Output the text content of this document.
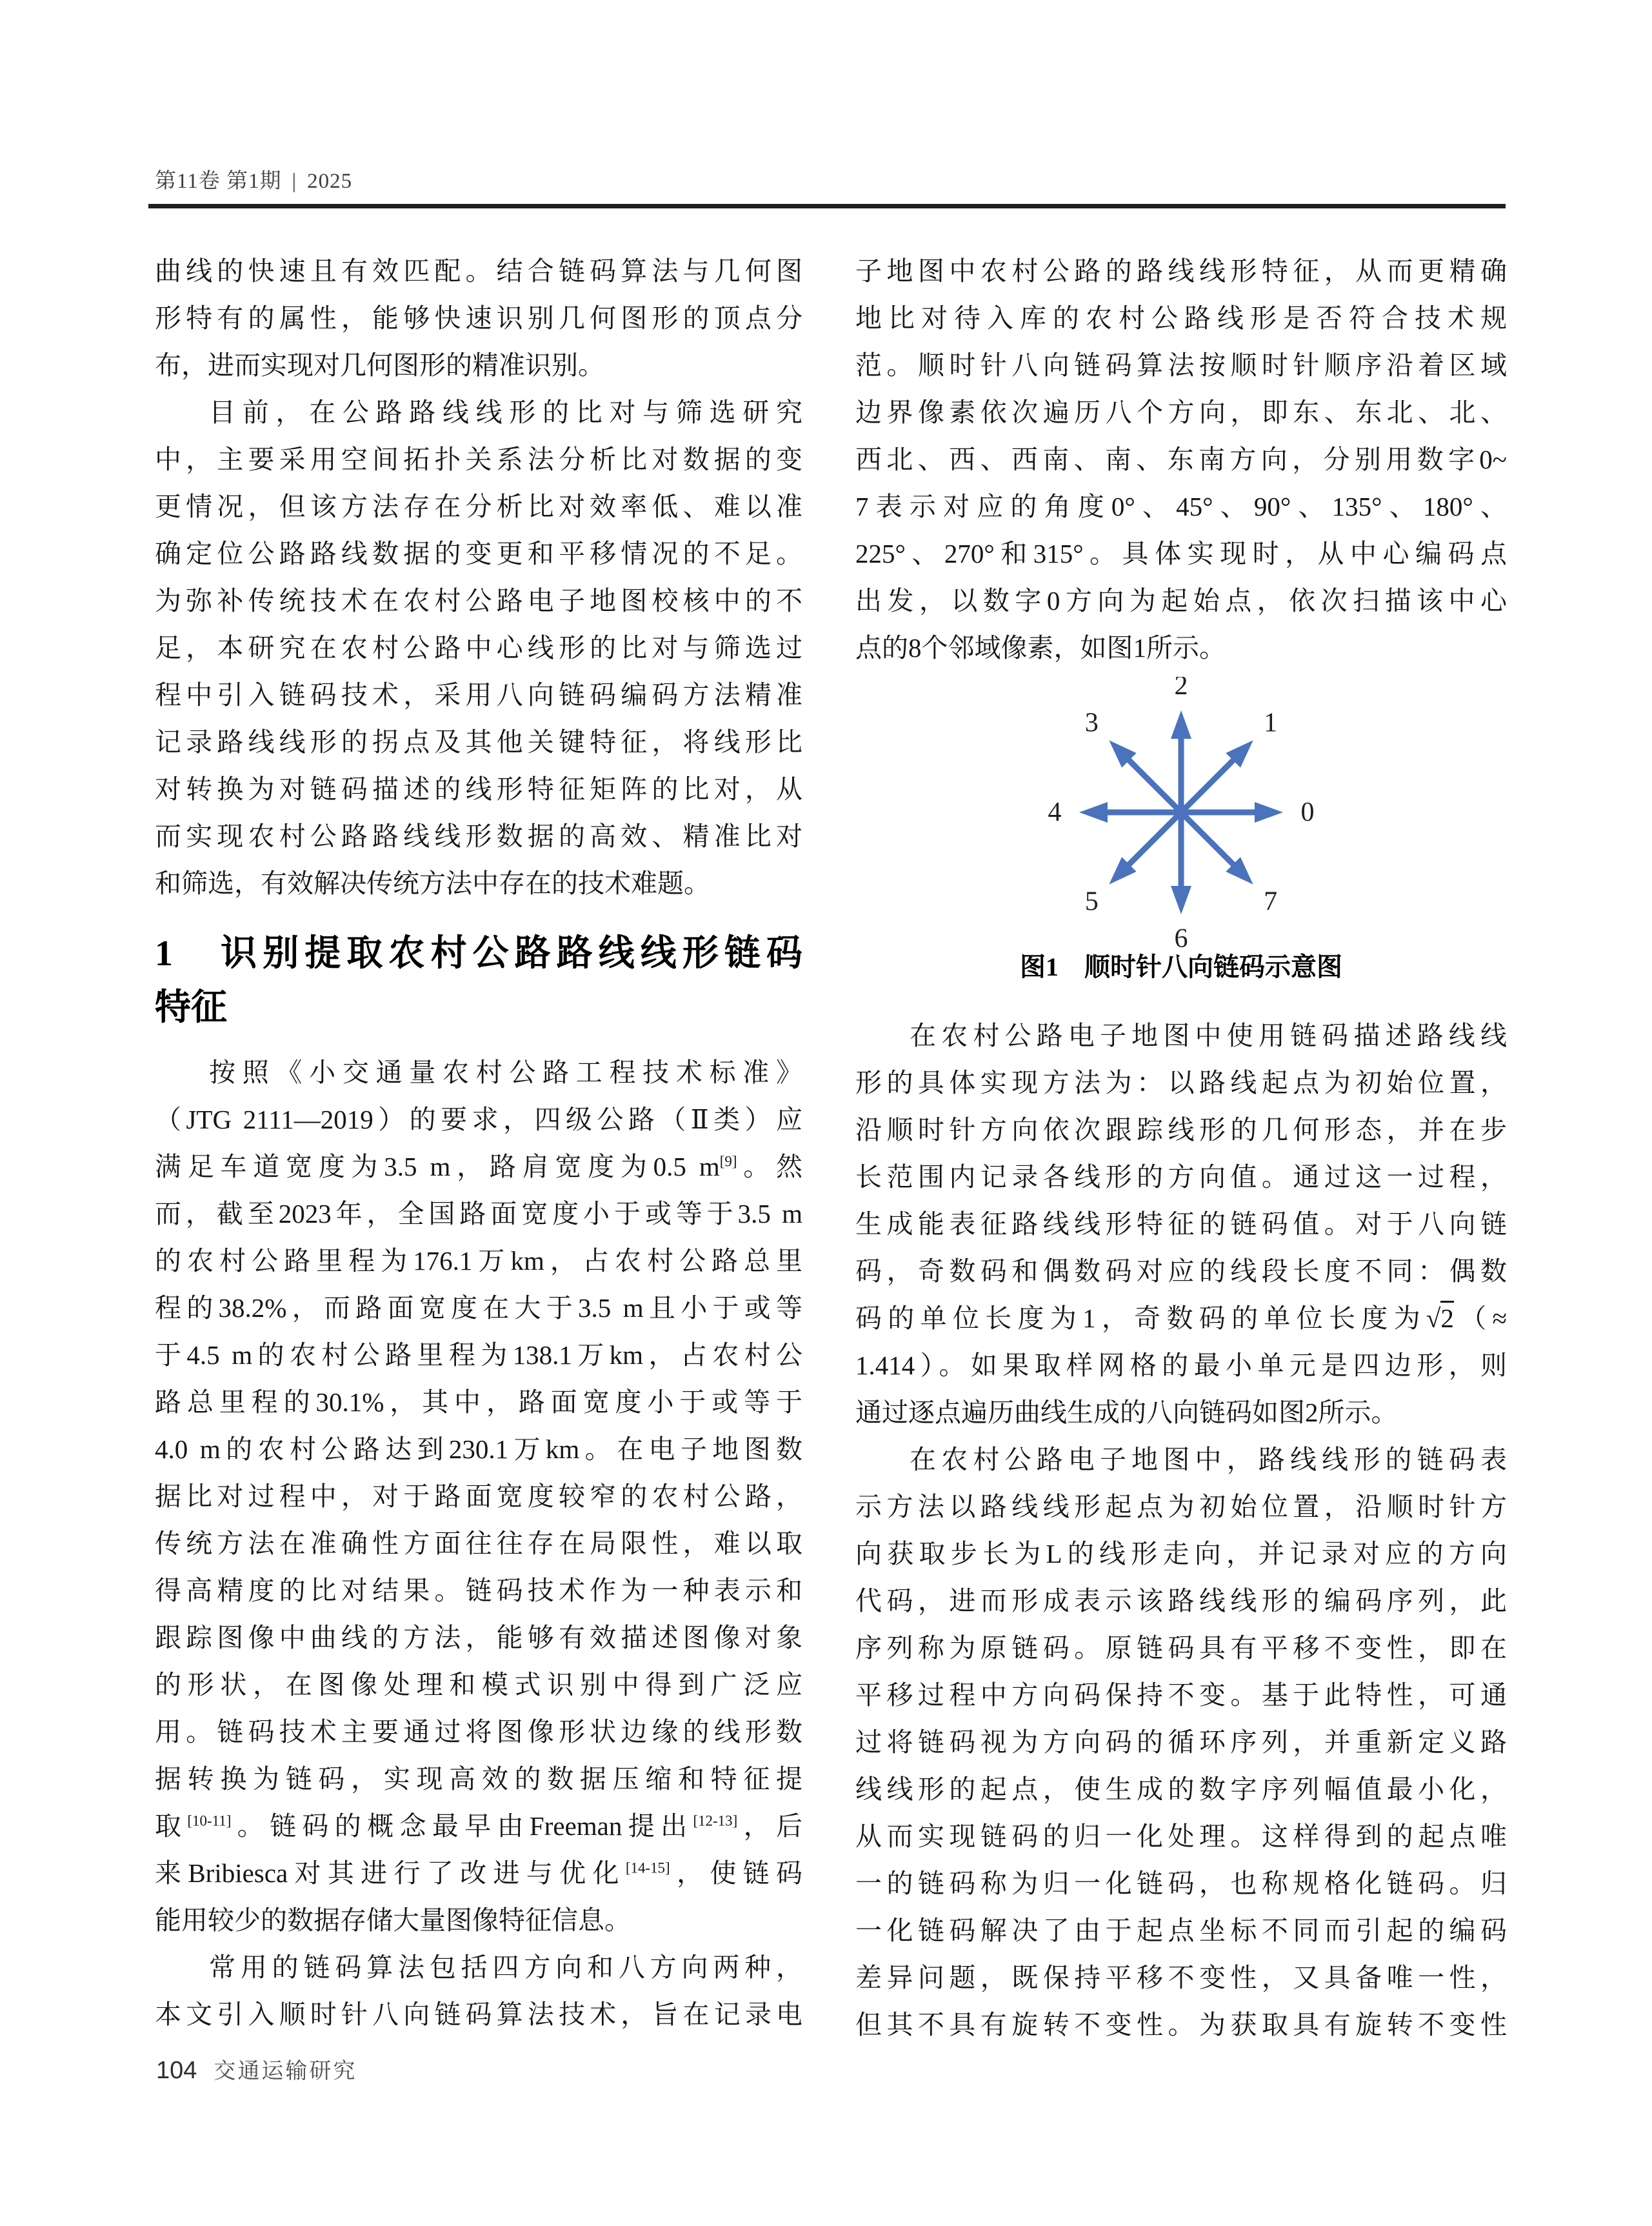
第11卷 第1期 | 2025
曲线的快速且有效匹配。结合链码算法与几何图
形特有的属性，能够快速识别几何图形的顶点分
布，进而实现对几何图形的精准识别。
目前，在公路路线线形的比对与筛选研究
中，主要采用空间拓扑关系法分析比对数据的变
更情况，但该方法存在分析比对效率低、难以准
确定位公路路线数据的变更和平移情况的不足。
为弥补传统技术在农村公路电子地图校核中的不
足，本研究在农村公路中心线形的比对与筛选过
程中引入链码技术，采用八向链码编码方法精准
记录路线线形的拐点及其他关键特征，将线形比
对转换为对链码描述的线形特征矩阵的比对，从
而实现农村公路路线线形数据的高效、精准比对
和筛选，有效解决传统方法中存在的技术难题。
1　识别提取农村公路路线线形链码
特征
按照《小交通量农村公路工程技术标准》
（JTG 2111—2019）的要求，四级公路（Ⅱ类）应
满足车道宽度为3.5 m，路肩宽度为0.5 m[9]。然
而，截至2023年，全国路面宽度小于或等于3.5 m
的农村公路里程为176.1万km，占农村公路总里
程的38.2%，而路面宽度在大于3.5 m且小于或等
于4.5 m的农村公路里程为138.1万km，占农村公
路总里程的30.1%，其中，路面宽度小于或等于
4.0 m的农村公路达到230.1万km。在电子地图数
据比对过程中，对于路面宽度较窄的农村公路，
传统方法在准确性方面往往存在局限性，难以取
得高精度的比对结果。链码技术作为一种表示和
跟踪图像中曲线的方法，能够有效描述图像对象
的形状，在图像处理和模式识别中得到广泛应
用。链码技术主要通过将图像形状边缘的线形数
据转换为链码，实现高效的数据压缩和特征提
取[10-11]。链码的概念最早由Freeman提出[12-13]，后
来Bribiesca对其进行了改进与优化[14-15]，使链码
能用较少的数据存储大量图像特征信息。
常用的链码算法包括四方向和八方向两种，
本文引入顺时针八向链码算法技术，旨在记录电
子地图中农村公路的路线线形特征，从而更精确
地比对待入库的农村公路线形是否符合技术规
范。顺时针八向链码算法按顺时针顺序沿着区域
边界像素依次遍历八个方向，即东、东北、北、
西北、西、西南、南、东南方向，分别用数字0~
7表示对应的角度0°、45°、90°、135°、180°、
225°、270°和315°。具体实现时，从中心编码点
出发，以数字0方向为起始点，依次扫描该中心
点的8个邻域像素，如图1所示。
0
1
2
3
4
5
6
7
图1　顺时针八向链码示意图
在农村公路电子地图中使用链码描述路线线
形的具体实现方法为：以路线起点为初始位置，
沿顺时针方向依次跟踪线形的几何形态，并在步
长范围内记录各线形的方向值。通过这一过程，
生成能表征路线线形特征的链码值。对于八向链
码，奇数码和偶数码对应的线段长度不同：偶数
码的单位长度为1，奇数码的单位长度为√2（≈
1.414）。如果取样网格的最小单元是四边形，则
通过逐点遍历曲线生成的八向链码如图2所示。
在农村公路电子地图中，路线线形的链码表
示方法以路线线形起点为初始位置，沿顺时针方
向获取步长为L的线形走向，并记录对应的方向
代码，进而形成表示该路线线形的编码序列，此
序列称为原链码。原链码具有平移不变性，即在
平移过程中方向码保持不变。基于此特性，可通
过将链码视为方向码的循环序列，并重新定义路
线线形的起点，使生成的数字序列幅值最小化，
从而实现链码的归一化处理。这样得到的起点唯
一的链码称为归一化链码，也称规格化链码。归
一化链码解决了由于起点坐标不同而引起的编码
差异问题，既保持平移不变性，又具备唯一性，
但其不具有旋转不变性。为获取具有旋转不变性
104 交通运输研究
